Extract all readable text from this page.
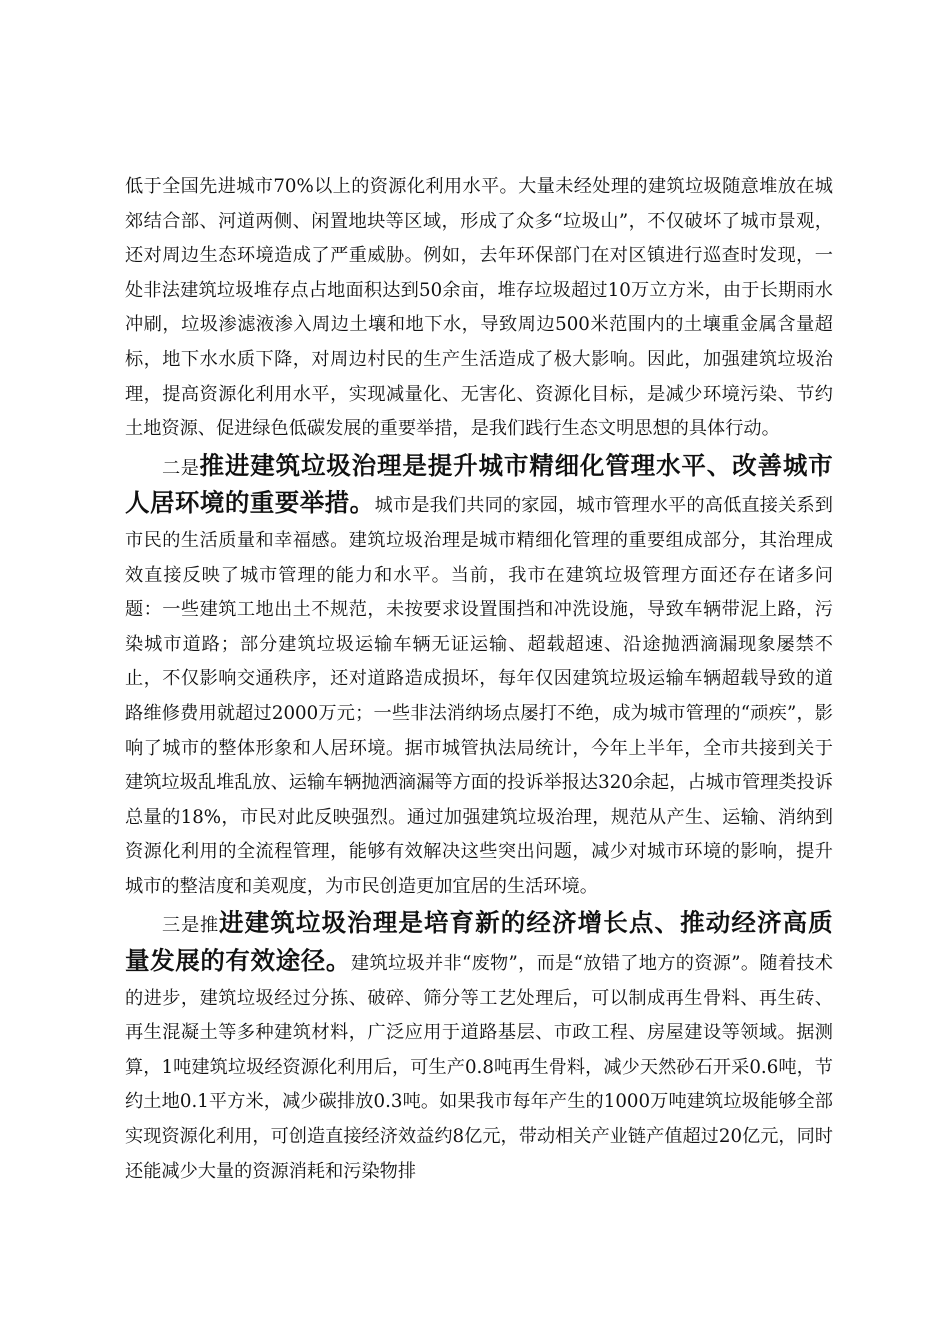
低于全国先进城市70%以上的资源化利用水平。大量未经处理的建筑垃圾随意堆放在城郊结合部、河道两侧、闲置地块等区域，形成了众多“垃圾山”，不仅破坏了城市景观，还对周边生态环境造成了严重威胁。例如，去年环保部门在对区镇进行巡查时发现，一处非法建筑垃圾堆存点占地面积达到50余亩，堆存垃圾超过10万立方米，由于长期雨水冲刷，垃圾渗滤液渗入周边土壤和地下水，导致周边500米范围内的土壤重金属含量超标，地下水水质下降，对周边村民的生产生活造成了极大影响。因此，加强建筑垃圾治理，提高资源化利用水平，实现减量化、无害化、资源化目标，是减少环境污染、节约土地资源、促进绿色低碳发展的重要举措，是我们践行生态文明思想的具体行动。

二是推进建筑垃圾治理是提升城市精细化管理水平、改善城市人居环境的重要举措。城市是我们共同的家园，城市管理水平的高低直接关系到市民的生活质量和幸福感。建筑垃圾治理是城市精细化管理的重要组成部分，其治理成效直接反映了城市管理的能力和水平。当前，我市在建筑垃圾管理方面还存在诸多问题：一些建筑工地出土不规范，未按要求设置围挡和冲洗设施，导致车辆带泥上路，污染城市道路；部分建筑垃圾运输车辆无证运输、超载超速、沿途抛洒滴漏现象屡禁不止，不仅影响交通秩序，还对道路造成损坏，每年仅因建筑垃圾运输车辆超载导致的道路维修费用就超过2000万元；一些非法消纳场点屡打不绝，成为城市管理的“顽疾”，影响了城市的整体形象和人居环境。据市城管执法局统计，今年上半年，全市共接到关于建筑垃圾乱堆乱放、运输车辆抛洒滴漏等方面的投诉举报达320余起，占城市管理类投诉总量的18%，市民对此反映强烈。通过加强建筑垃圾治理，规范从产生、运输、消纳到资源化利用的全流程管理，能够有效解决这些突出问题，减少对城市环境的影响，提升城市的整洁度和美观度，为市民创造更加宜居的生活环境。

三是推进建筑垃圾治理是培育新的经济增长点、推动经济高质量发展的有效途径。建筑垃圾并非“废物”，而是“放错了地方的资源”。随着技术的进步，建筑垃圾经过分拣、破碎、筛分等工艺处理后，可以制成再生骨料、再生砖、再生混凝土等多种建筑材料，广泛应用于道路基层、市政工程、房屋建设等领域。据测算，1吨建筑垃圾经资源化利用后，可生产0.8吨再生骨料，减少天然砂石开采0.6吨，节约土地0.1平方米，减少碳排放0.3吨。如果我市每年产生的1000万吨建筑垃圾能够全部实现资源化利用，可创造直接经济效益约8亿元，带动相关产业链产值超过20亿元，同时还能减少大量的资源消耗和污染物排
